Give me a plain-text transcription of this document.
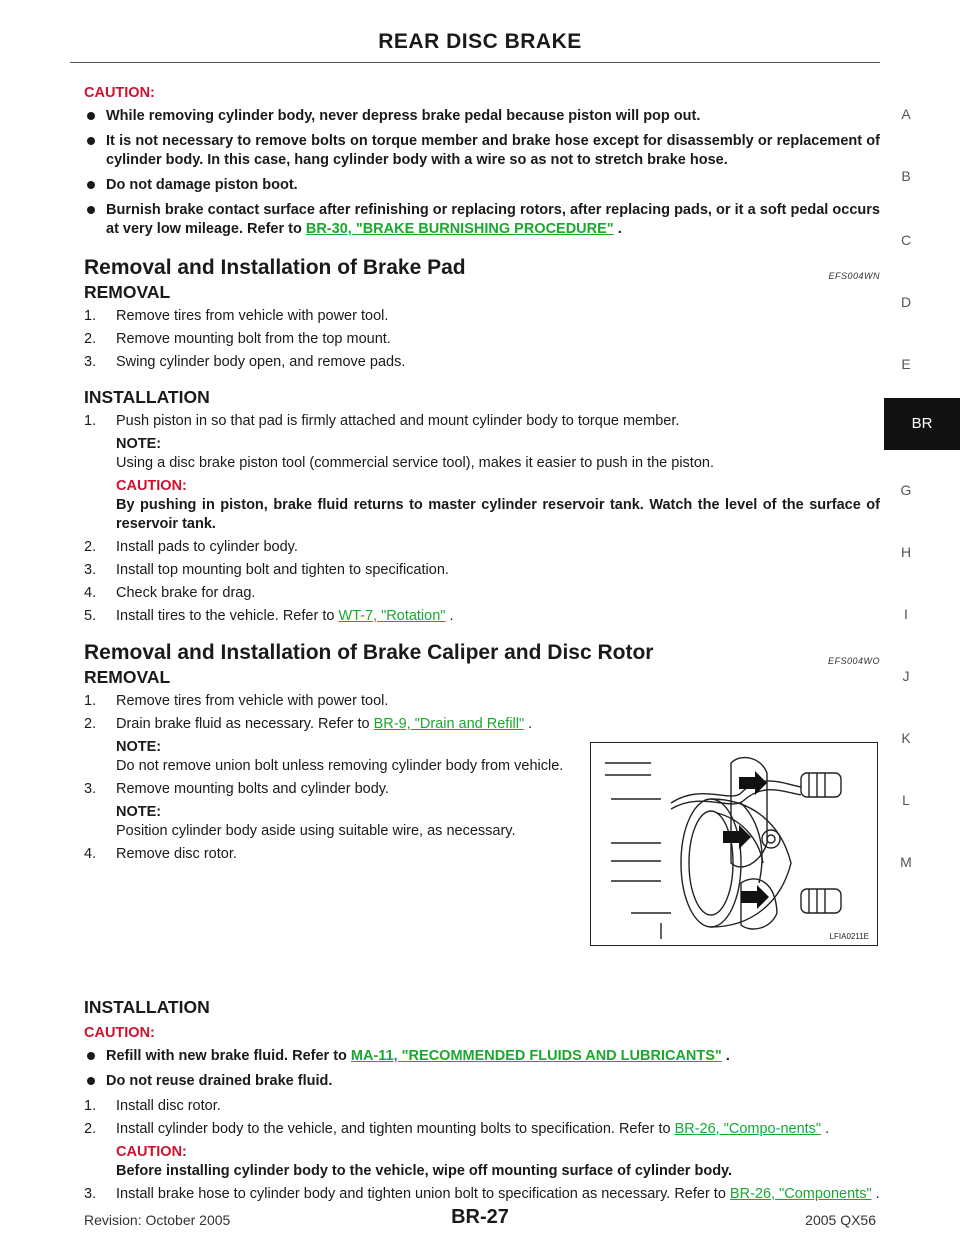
REAR DISC BRAKE
A
B
C
D
E
BR
G
H
I
J
K
L
M

CAUTION:

While removing cylinder body, never depress brake pedal because piston will pop out.
It is not necessary to remove bolts on torque member and brake hose except for disassembly or replacement of cylinder body. In this case, hang cylinder body with a wire so as not to stretch brake hose.
Do not damage piston boot.
Burnish brake contact surface after refinishing or replacing rotors, after replacing pads, or it a soft pedal occurs at very low mileage. Refer to BR-30, "BRAKE BURNISHING PROCEDURE" .

Removal and Installation of Brake Pad	EFS004WN

REMOVAL

1. Remove tires from vehicle with power tool.
2. Remove mounting bolt from the top mount.
3. Swing cylinder body open, and remove pads.

INSTALLATION

1. Push piston in so that pad is firmly attached and mount cylinder body to torque member.
NOTE:
Using a disc brake piston tool (commercial service tool), makes it easier to push in the piston.
CAUTION:
By pushing in piston, brake fluid returns to master cylinder reservoir tank. Watch the level of the surface of reservoir tank.
2. Install pads to cylinder body.
3. Install top mounting bolt and tighten to specification.
4. Check brake for drag.
5. Install tires to the vehicle. Refer to WT-7, "Rotation" .

Removal and Installation of Brake Caliper and Disc Rotor	EFS004WO

REMOVAL

1. Remove tires from vehicle with power tool.
2. Drain brake fluid as necessary. Refer to BR-9, "Drain and Refill" .
NOTE:
Do not remove union bolt unless removing cylinder body from vehicle.
3. Remove mounting bolts and cylinder body.
NOTE:
Position cylinder body aside using suitable wire, as necessary.
4. Remove disc rotor.

INSTALLATION

CAUTION:

Refill with new brake fluid. Refer to MA-11, "RECOMMENDED FLUIDS AND LUBRICANTS" .
Do not reuse drained brake fluid.
1. Install disc rotor.
2. Install cylinder body to the vehicle, and tighten mounting bolts to specification. Refer to BR-26, "Compo-nents" .
CAUTION:
Before installing cylinder body to the vehicle, wipe off mounting surface of cylinder body.
3. Install brake hose to cylinder body and tighten union bolt to specification as necessary. Refer to BR-26, "Components" .
LFIA0211E
Revision: October 2005	BR-27	2005 QX56
